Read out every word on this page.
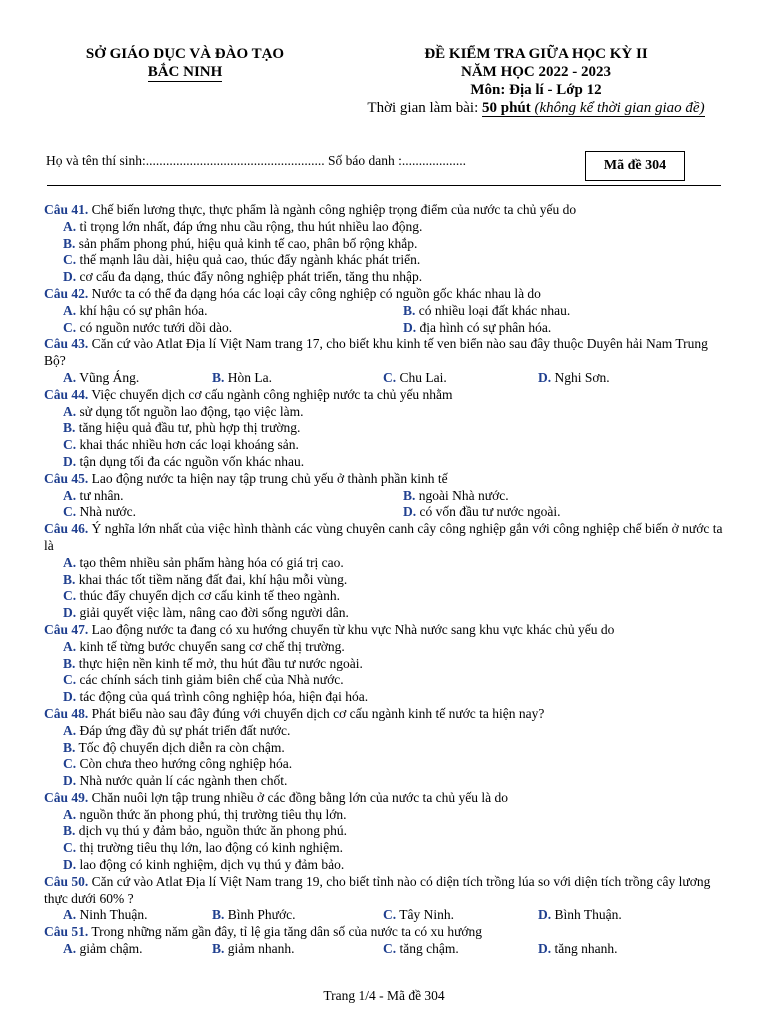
SỞ GIÁO DỤC VÀ ĐÀO TẠO
BẮC NINH
ĐỀ KIỂM TRA GIỮA HỌC KỲ II
NĂM HỌC 2022 - 2023
Môn: Địa lí - Lớp 12
Thời gian làm bài: 50 phút (không kể thời gian giao đề)
Họ và tên thí sinh:..................................................... Số báo danh :...................	Mã đề 304
Câu 41. Chế biến lương thực, thực phẩm là ngành công nghiệp trọng điểm của nước ta chủ yếu do
A. tỉ trọng lớn nhất, đáp ứng nhu cầu rộng, thu hút nhiều lao động.
B. sản phẩm phong phú, hiệu quả kinh tế cao, phân bố rộng khắp.
C. thế mạnh lâu dài, hiệu quả cao, thúc đẩy ngành khác phát triển.
D. cơ cấu đa dạng, thúc đẩy nông nghiệp phát triển, tăng thu nhập.
Câu 42. Nước ta có thể đa dạng hóa các loại cây công nghiệp có nguồn gốc khác nhau là do
A. khí hậu có sự phân hóa.	B. có nhiều loại đất khác nhau.
C. có nguồn nước tưới dồi dào.	D. địa hình có sự phân hóa.
Câu 43. Căn cứ vào Atlat Địa lí Việt Nam trang 17, cho biết khu kinh tế ven biển nào sau đây thuộc Duyên hải Nam Trung Bộ?
A. Vũng Áng.	B. Hòn La.	C. Chu Lai.	D. Nghi Sơn.
Câu 44. Việc chuyển dịch cơ cấu ngành công nghiệp nước ta chủ yếu nhằm
A. sử dụng tốt nguồn lao động, tạo việc làm.
B. tăng hiệu quả đầu tư, phù hợp thị trường.
C. khai thác nhiều hơn các loại khoáng sản.
D. tận dụng tối đa các nguồn vốn khác nhau.
Câu 45. Lao động nước ta hiện nay tập trung chủ yếu ở thành phần kinh tế
A. tư nhân.	B. ngoài Nhà nước.
C. Nhà nước.	D. có vốn đầu tư nước ngoài.
Câu 46. Ý nghĩa lớn nhất của việc hình thành các vùng chuyên canh cây công nghiệp gắn với công nghiệp chế biến ở nước ta là
A. tạo thêm nhiều sản phẩm hàng hóa có giá trị cao.
B. khai thác tốt tiềm năng đất đai, khí hậu mỗi vùng.
C. thúc đẩy chuyển dịch cơ cấu kinh tế theo ngành.
D. giải quyết việc làm, nâng cao đời sống người dân.
Câu 47. Lao động nước ta đang có xu hướng chuyển từ khu vực Nhà nước sang khu vực khác chủ yếu do
A. kinh tế từng bước chuyển sang cơ chế thị trường.
B. thực hiện nền kinh tế mở, thu hút đầu tư nước ngoài.
C. các chính sách tinh giảm biên chế của Nhà nước.
D. tác động của quá trình công nghiệp hóa, hiện đại hóa.
Câu 48. Phát biểu nào sau đây đúng với chuyển dịch cơ cấu ngành kinh tế nước ta hiện nay?
A. Đáp ứng đầy đủ sự phát triển đất nước.
B. Tốc độ chuyển dịch diễn ra còn chậm.
C. Còn chưa theo hướng công nghiệp hóa.
D. Nhà nước quản lí các ngành then chốt.
Câu 49. Chăn nuôi lợn tập trung nhiều ở các đồng bằng lớn của nước ta chủ yếu là do
A. nguồn thức ăn phong phú, thị trường tiêu thụ lớn.
B. dịch vụ thú y đảm bảo, nguồn thức ăn phong phú.
C. thị trường tiêu thụ lớn, lao động có kinh nghiệm.
D. lao động có kinh nghiệm, dịch vụ thú y đảm bảo.
Câu 50. Căn cứ vào Atlat Địa lí Việt Nam trang 19, cho biết tỉnh nào có diện tích trồng lúa so với diện tích trồng cây lương thực dưới 60% ?
A. Ninh Thuận.	B. Bình Phước.	C. Tây Ninh.	D. Bình Thuận.
Câu 51. Trong những năm gần đây, tỉ lệ gia tăng dân số của nước ta có xu hướng
A. giảm chậm.	B. giảm nhanh.	C. tăng chậm.	D. tăng nhanh.
Trang 1/4 - Mã đề 304
